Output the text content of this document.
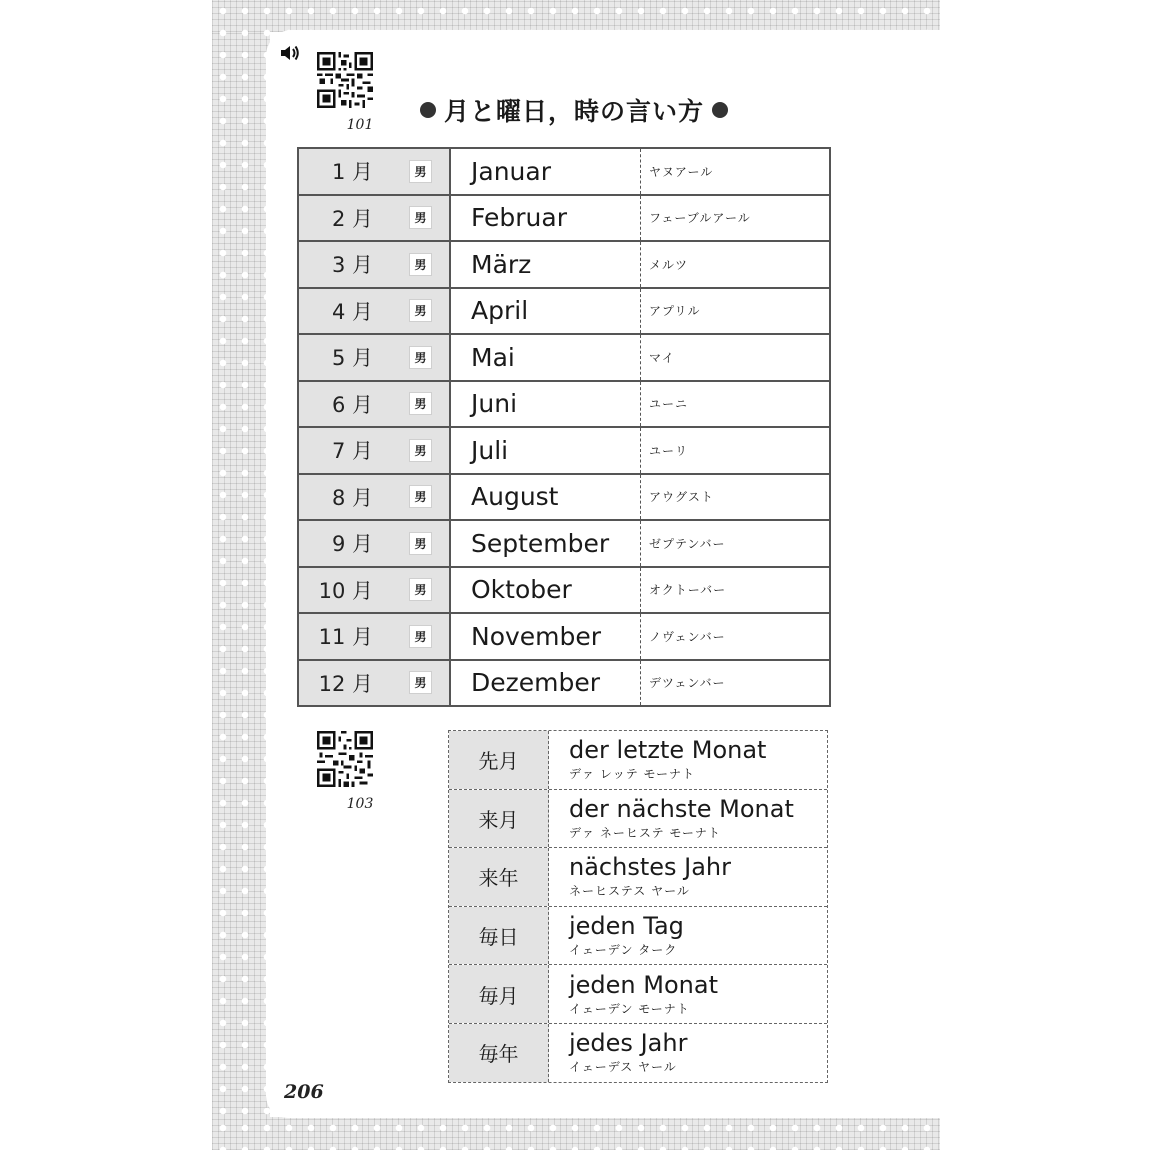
101	月と曜日，時の言い方
1 月	男	Januar	ヤヌアール
2 月	男	Februar	フェーブルアール
3 月	男	März	メルツ
4 月	男	April	アプリル
5 月	男	Mai	マイ
6 月	男	Juni	ユーニ
7 月	男	Juli	ユーリ
8 月	男	August	アウグスト
9 月	男	September	ゼプテンバー
10 月	男	Oktober	オクトーバー
11 月	男	November	ノヴェンバー
12 月	男	Dezember	デツェンバー
103
先月	der letzte Monat
デァ レッテ モーナト
来月	der nächste Monat
デァ ネーヒステ モーナト
来年	nächstes Jahr
ネーヒステス ヤール
毎日	jeden Tag
イェーデン ターク
毎月	jeden Monat
イェーデン モーナト
毎年	jedes Jahr
イェーデス ヤール
206
